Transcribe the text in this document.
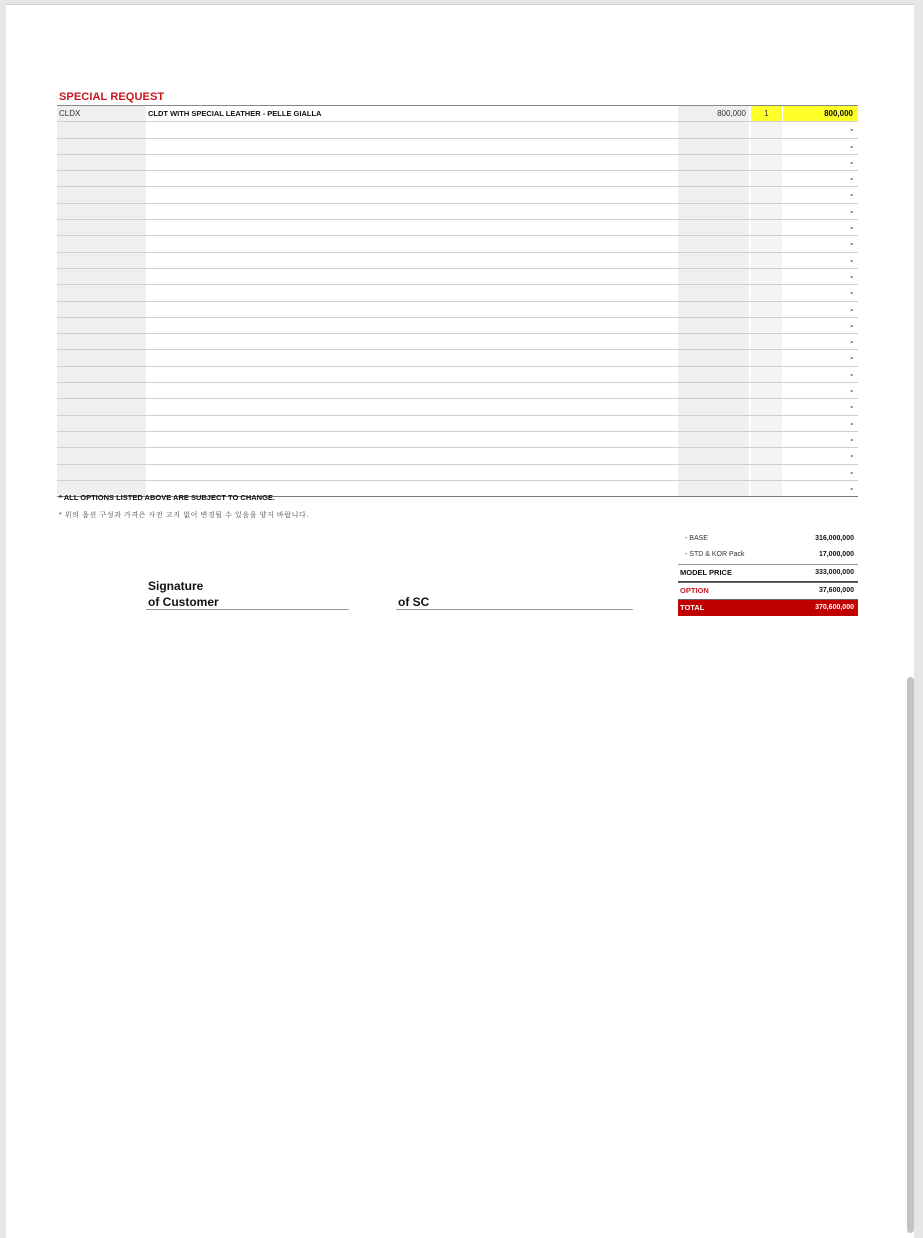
SPECIAL REQUEST
CLDX	CLDT WITH SPECIAL LEATHER - PELLE GIALLA	800,000	1	800,000
-
-
-
-
-
-
-
-
-
-
-
-
-
-
-
-
-
-
-
-
-
-
-
* ALL OPTIONS LISTED ABOVE ARE SUBJECT TO CHANGE.
* 위의 옵션 구성과 가격은 사전 고지 없이 변경될 수 있음을 양지 바랍니다.
Signature
of Customer	of SC
- BASE	316,000,000
- STD & KOR Pack	17,000,000
MODEL PRICE	333,000,000
OPTION	37,600,000
TOTAL	370,600,000
